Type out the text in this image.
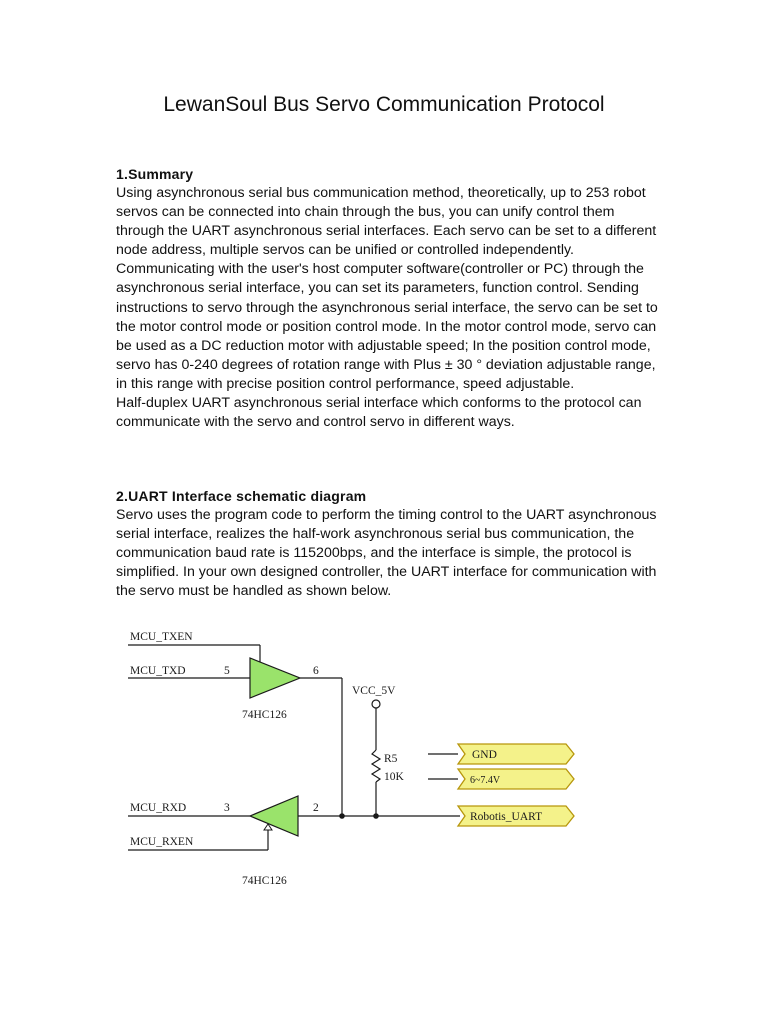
LewanSoul Bus Servo Communication Protocol

1.Summary

Using asynchronous serial bus communication method, theoretically, up to 253 robot servos can be connected into chain through the bus, you can unify control them through the UART asynchronous serial interfaces. Each servo can be set to a different node address, multiple servos can be unified or controlled independently. Communicating with the user's host computer software(controller or PC) through the asynchronous serial interface, you can set its parameters, function control. Sending instructions to servo through the asynchronous serial interface, the servo can be set to the motor control mode or position control mode. In the motor control mode, servo can be used as a DC reduction motor with adjustable speed; In the position control mode, servo has 0-240 degrees of rotation range with Plus ± 30 ° deviation adjustable range, in this range with precise position control performance, speed adjustable.

Half-duplex UART asynchronous serial interface which conforms to the protocol can communicate with the servo and control servo in different ways.

2.UART Interface schematic diagram

Servo uses the program code to perform the timing control to the UART asynchronous serial interface, realizes the half-work asynchronous serial bus communication, the communication baud rate is 115200bps, and the interface is simple, the protocol is simplified. In your own designed controller, the UART interface for communication with the servo must be handled as shown below.

MCU_TXEN
MCU_TXD
MCU_RXD
MCU_RXEN
5	6
3	2
74HC126
74HC126
VCC_5V
R5
10K
GND
6~7.4V
Robotis_UART
